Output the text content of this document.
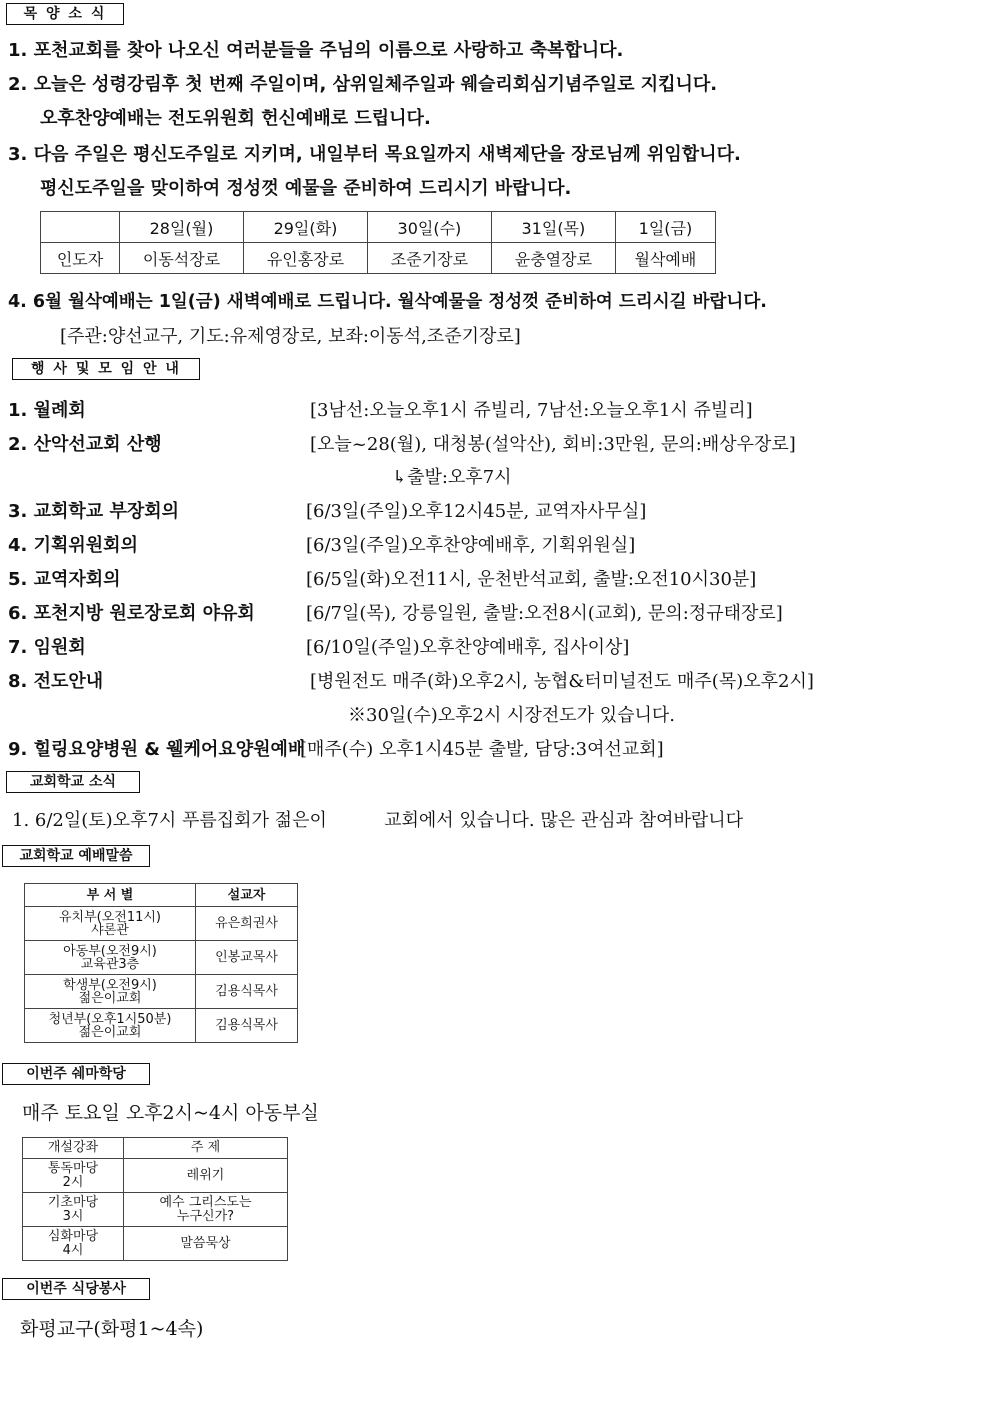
목 양 소 식
1. 포천교회를 찾아 나오신 여러분들을 주님의 이름으로 사랑하고 축복합니다.
2. 오늘은 성령강림후 첫 번째 주일이며, 삼위일체주일과 웨슬리회심기념주일로 지킵니다.
오후찬양예배는 전도위원회 헌신예배로 드립니다.
3. 다음 주일은 평신도주일로 지키며, 내일부터 목요일까지 새벽제단을 장로님께 위임합니다.
평신도주일을 맞이하여 정성껏 예물을 준비하여 드리시기 바랍니다.
	28일(월)	29일(화)	30일(수)	31일(목)	1일(금)
인도자	이동석장로	유인홍장로	조준기장로	윤충열장로	월삭예배
4. 6월 월삭예배는 1일(금) 새벽예배로 드립니다. 월삭예물을 정성껏 준비하여 드리시길 바랍니다.
[주관:양선교구, 기도:유제영장로, 보좌:이동석,조준기장로]
행 사 및 모 임 안 내
1. 월례회	[3남선:오늘오후1시 쥬빌리, 7남선:오늘오후1시 쥬빌리]
2. 산악선교회 산행	[오늘~28(월), 대청봉(설악산), 회비:3만원, 문의:배상우장로]
↳출발:오후7시
3. 교회학교 부장회의	[6/3일(주일)오후12시45분, 교역자사무실]
4. 기획위원회의	[6/3일(주일)오후찬양예배후, 기획위원실]
5. 교역자회의	[6/5일(화)오전11시, 운천반석교회, 출발:오전10시30분]
6. 포천지방 원로장로회 야유회	[6/7일(목), 강릉일원, 출발:오전8시(교회), 문의:정규태장로]
7. 임원회	[6/10일(주일)오후찬양예배후, 집사이상]
8. 전도안내	[병원전도 매주(화)오후2시, 농협&터미널전도 매주(목)오후2시]
※30일(수)오후2시 시장전도가 있습니다.
9. 힐링요양병원 & 웰케어요양원예배
[매주(수) 오후1시45분 출발, 담당:3여선교회]
교회학교 소식
1. 6/2일(토)오후7시 푸름집회가 젊은이          교회에서 있습니다. 많은 관심과 참여바랍니다
교회학교 예배말씀
부 서 별	설교자
유치부(오전11시)
샤론관	유은희권사
아동부(오전9시)
교육관3층	인봉교목사
학생부(오전9시)
젊은이교회	김용식목사
청년부(오후1시50분)
젊은이교회	김용식목사
이번주 쉐마학당
매주 토요일 오후2시~4시 아동부실
개설강좌	주 제
통독마당
2시	레위기
기초마당
3시	예수 그리스도는
누구신가?
심화마당
4시	말씀묵상
이번주 식당봉사
화평교구(화평1~4속)
